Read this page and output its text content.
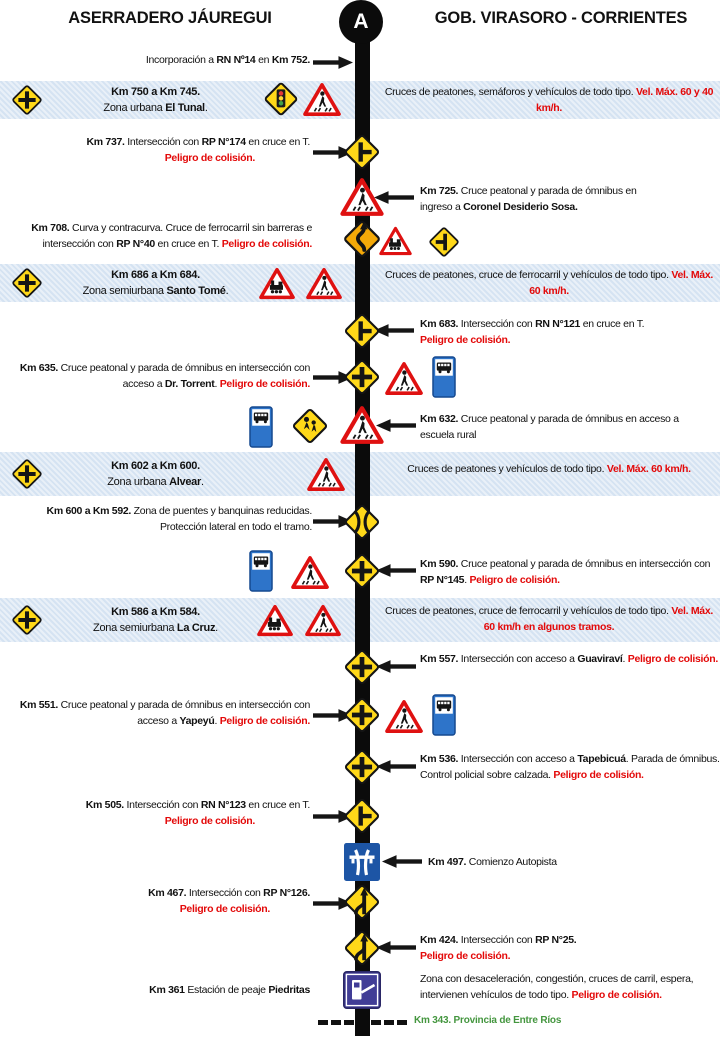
ASERRADERO JÁUREGUI	A	GOB. VIRASORO - CORRIENTES
Incorporación a RN Nº14 en Km 752.
Km 750 a Km 745.
Zona urbana El Tunal.
Cruces de peatones, semáforos y vehículos de todo tipo. Vel. Máx. 60 y 40 km/h.
Km 737. Intersección con RP N°174 en cruce en T.
Peligro de colisión.
Km 725. Cruce peatonal y parada de ómnibus en
ingreso a Coronel Desiderio Sosa.
Km 708. Curva y contracurva. Cruce de ferrocarril sin barreras e intersección con RP N°40 en cruce en T. Peligro de colisión.
Km 686 a Km 684.
Zona semiurbana Santo Tomé.
Cruces de peatones, cruce de ferrocarril y vehículos de todo tipo. Vel. Máx. 60 km/h.
Km 683. Intersección con RN N°121 en cruce en T.
Peligro de colisión.
Km 635. Cruce peatonal y parada de ómnibus en intersección con acceso a Dr. Torrent. Peligro de colisión.
Km 632. Cruce peatonal y parada de ómnibus en acceso a escuela rural
Km 602 a Km 600.
Zona urbana Alvear.
Cruces de peatones y vehículos de todo tipo. Vel. Máx. 60 km/h.
Km 600 a Km 592. Zona de puentes y banquinas reducidas.
Protección lateral en todo el tramo.
Km 590. Cruce peatonal y parada de ómnibus en intersección con RP N°145. Peligro de colisión.
Km 586 a Km 584.
Zona semiurbana La Cruz.
Cruces de peatones, cruce de ferrocarril y vehículos de todo tipo. Vel. Máx. 60 km/h en algunos tramos.
Km 557. Intersección con acceso a Guaviraví. Peligro de colisión.
Km 551. Cruce peatonal y parada de ómnibus en intersección con acceso a Yapeyú. Peligro de colisión.
Km 536. Intersección con acceso a Tapebicuá. Parada de ómnibus. Control policial sobre calzada. Peligro de colisión.
Km 505. Intersección con RN N°123 en cruce en T.
Peligro de colisión.
Km 497. Comienzo Autopista
Km 467. Intersección con RP N°126.
Peligro de colisión.
Km 424. Intersección con RP N°25.
Peligro de colisión.
Km 361 Estación de peaje Piedritas
Zona con desaceleración, congestión, cruces de carril, espera, intervienen vehículos de todo tipo. Peligro de colisión.
Km 343. Provincia de Entre Ríos
